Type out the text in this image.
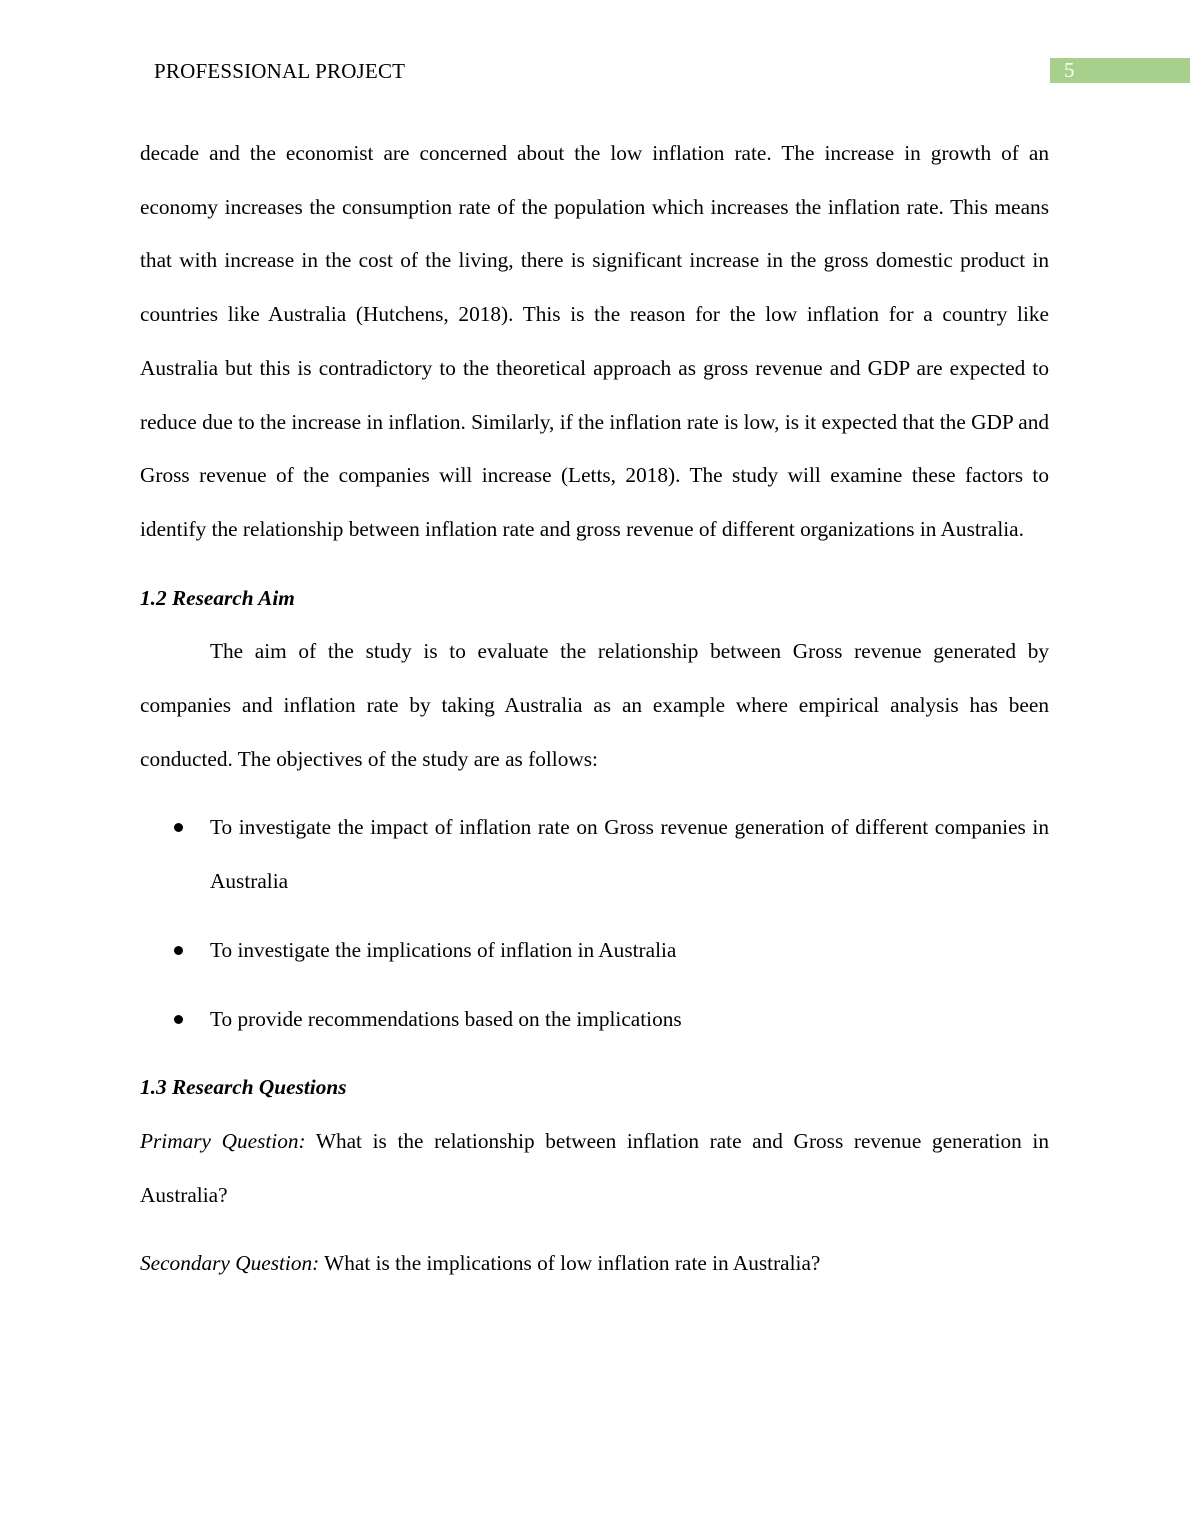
PROFESSIONAL PROJECT	5

decade and the economist are concerned about the low inflation rate. The increase in growth of an economy increases the consumption rate of the population which increases the inflation rate. This means that with increase in the cost of the living, there is significant increase in the gross domestic product in countries like Australia (Hutchens, 2018). This is the reason for the low inflation for a country like Australia but this is contradictory to the theoretical approach as gross revenue and GDP are expected to reduce due to the increase in inflation. Similarly, if the inflation rate is low, is it expected that the GDP and Gross revenue of the companies will increase (Letts, 2018). The study will examine these factors to identify the relationship between inflation rate and gross revenue of different organizations in Australia.

1.2 Research Aim

The aim of the study is to evaluate the relationship between Gross revenue generated by companies and inflation rate by taking Australia as an example where empirical analysis has been conducted. The objectives of the study are as follows:

To investigate the impact of inflation rate on Gross revenue generation of different companies in Australia
To investigate the implications of inflation in Australia
To provide recommendations based on the implications

1.3 Research Questions

Primary Question: What is the relationship between inflation rate and Gross revenue generation in Australia?

Secondary Question: What is the implications of low inflation rate in Australia?
